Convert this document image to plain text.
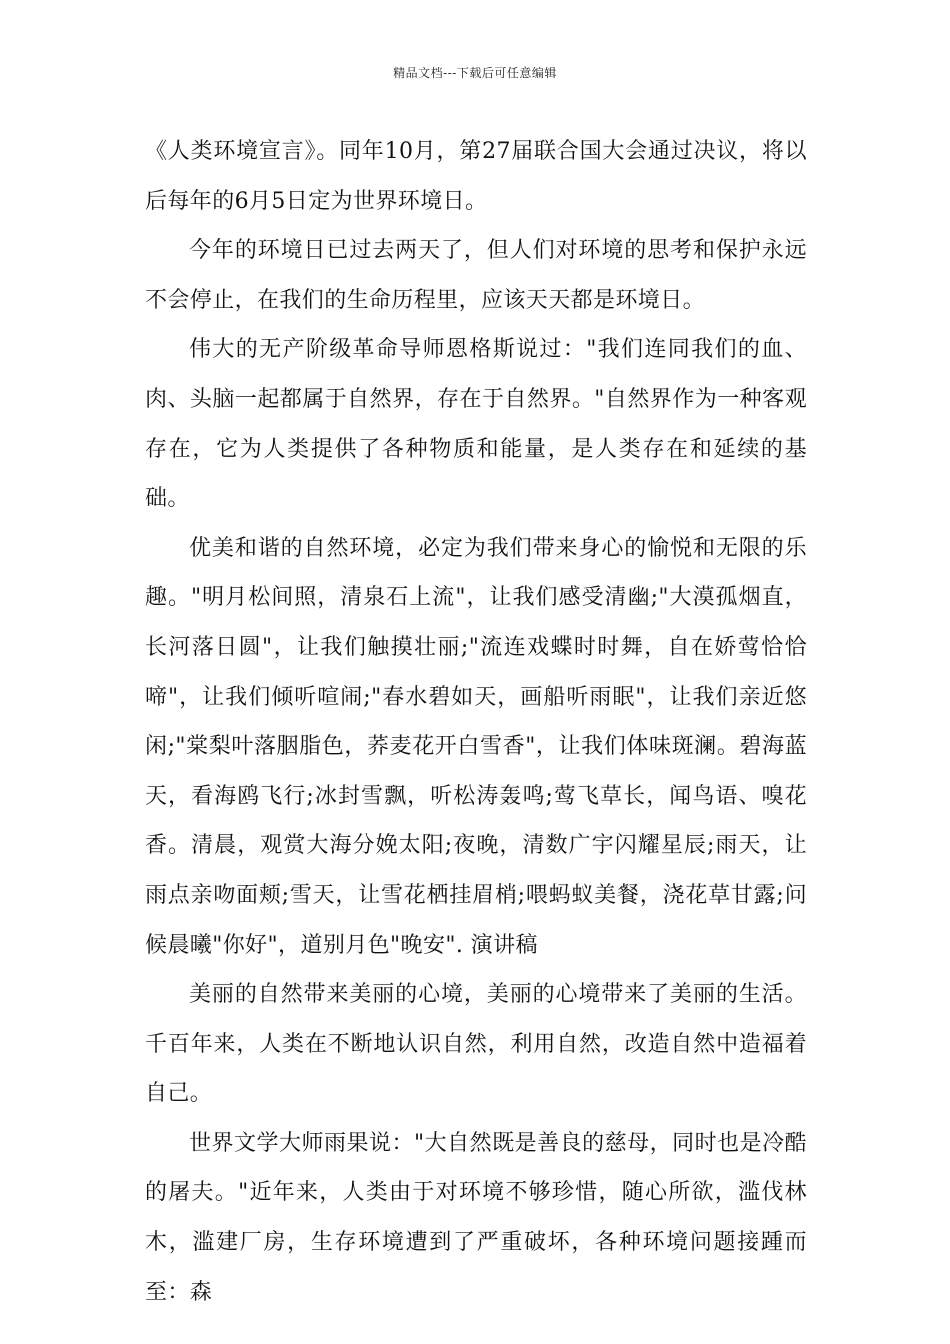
精品文档---下载后可任意编辑

《人类环境宣言》。同年10月，第27届联合国大会通过决议，将以后每年的6月5日定为世界环境日。

今年的环境日已过去两天了，但人们对环境的思考和保护永远不会停止，在我们的生命历程里，应该天天都是环境日。

伟大的无产阶级革命导师恩格斯说过："我们连同我们的血、肉、头脑一起都属于自然界，存在于自然界。"自然界作为一种客观存在，它为人类提供了各种物质和能量，是人类存在和延续的基础。

优美和谐的自然环境，必定为我们带来身心的愉悦和无限的乐趣。"明月松间照，清泉石上流"，让我们感受清幽;"大漠孤烟直，长河落日圆"，让我们触摸壮丽;"流连戏蝶时时舞，自在娇莺恰恰啼"，让我们倾听喧闹;"春水碧如天，画船听雨眠"，让我们亲近悠闲;"棠梨叶落胭脂色，荞麦花开白雪香"，让我们体味斑澜。碧海蓝天，看海鸥飞行;冰封雪飘，听松涛轰鸣;莺飞草长，闻鸟语、嗅花香。清晨，观赏大海分娩太阳;夜晚，清数广宇闪耀星辰;雨天，让雨点亲吻面颊;雪天，让雪花栖挂眉梢;喂蚂蚁美餐，浇花草甘露;问候晨曦"你好"，道别月色"晚安". 演讲稿

美丽的自然带来美丽的心境，美丽的心境带来了美丽的生活。千百年来，人类在不断地认识自然，利用自然，改造自然中造福着自己。

世界文学大师雨果说："大自然既是善良的慈母，同时也是冷酷的屠夫。"近年来，人类由于对环境不够珍惜，随心所欲，滥伐林木，滥建厂房，生存环境遭到了严重破坏，各种环境问题接踵而至：森
